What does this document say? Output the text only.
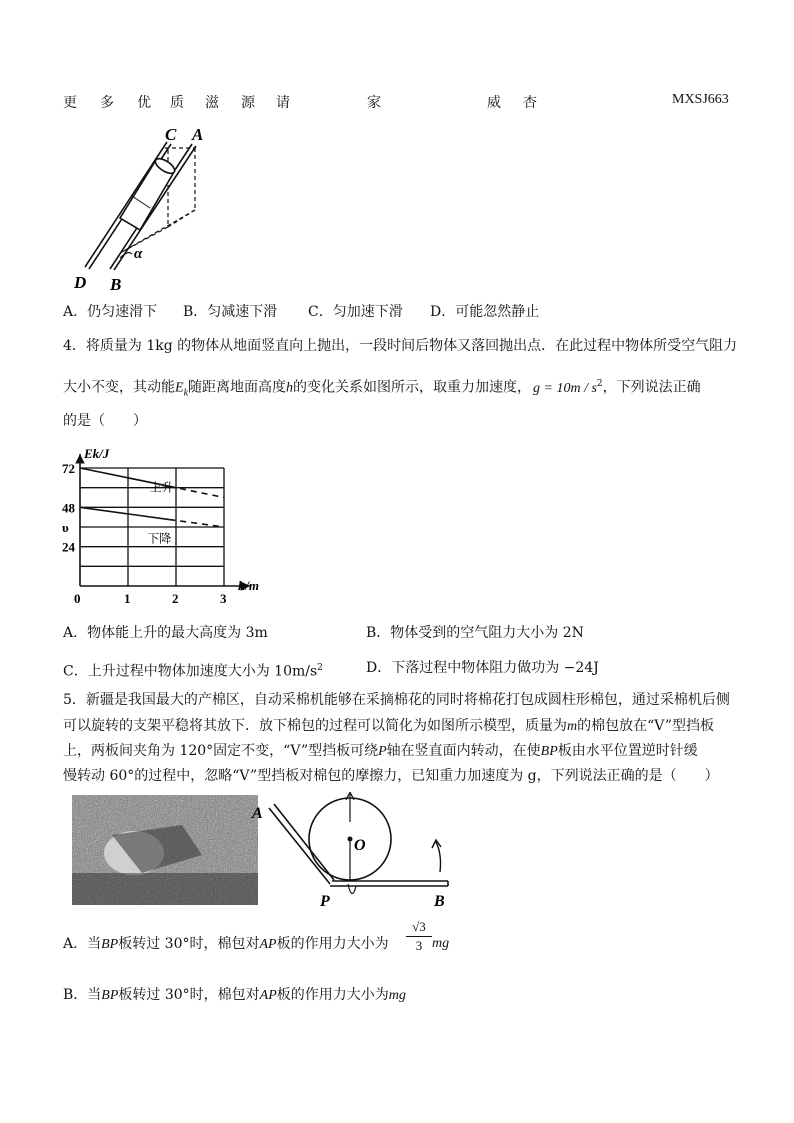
更 多 优 质 滋 源 请	家	威 杏	MXSJ663
C A
D B
α
A．仍匀速滑下 B．匀减速下滑 C．匀加速下滑 D．可能忽然静止
4．将质量为 1kg 的物体从地面竖直向上抛出，一段时间后物体又落回抛出点．在此过程中物体所受空气阻力
大小不变，其动能$E_k$随距离地面高度h的变化关系如图所示，取重力加速度， $g = 10m / s^2$，下列说法正确
的是（　　）
72
48
υ
24
0	1	2	3
Ek/J
h/m
上升
下降
A．物体能上升的最大高度为 3m	B．物体受到的空气阻力大小为 2N
C．上升过程中物体加速度大小为 $10m/s^2$	D．下落过程中物体阻力做功为 −24J
5．新疆是我国最大的产棉区，自动采棉机能够在采摘棉花的同时将棉花打包成圆柱形棉包，通过采棉机后侧
可以旋转的支架平稳将其放下．放下棉包的过程可以简化为如图所示模型，质量为m的棉包放在“V”型挡板
上，两板间夹角为 120°固定不变，“V”型挡板可绕P轴在竖直面内转动，在使BP板由水平位置逆时针缓
慢转动 60°的过程中，忽略“V”型挡板对棉包的摩擦力，已知重力加速度为 g，下列说法正确的是（　　）
A
O
P	B
A．当BP板转过 30°时，棉包对AP板的作用力大小为 $\frac{√3}{3}$ mg
B．当BP板转过 30°时，棉包对AP板的作用力大小为mg
